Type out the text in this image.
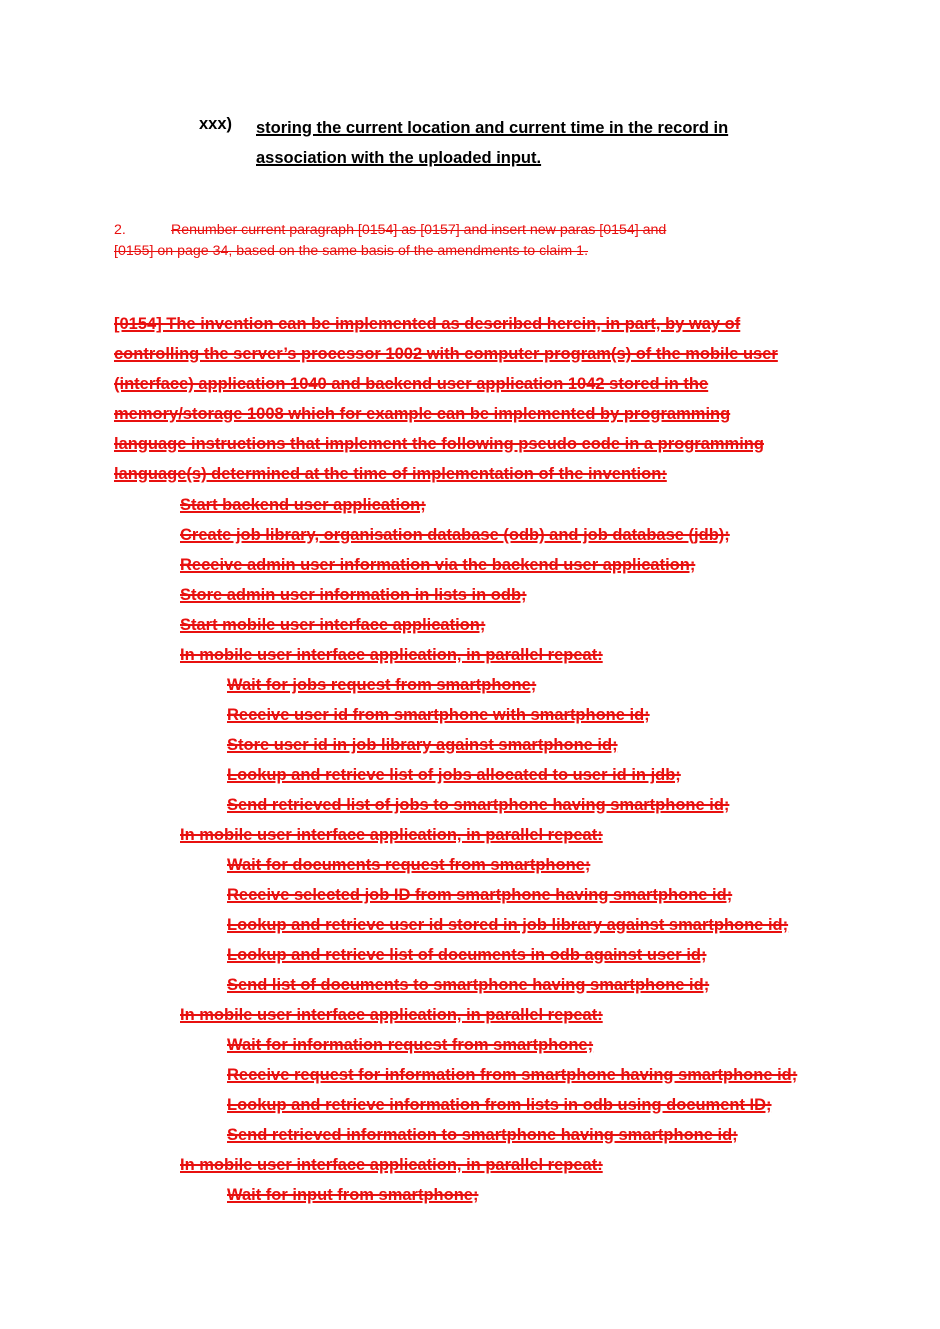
xxx) storing the current location and current time in the record in
association with the uploaded input.
2.	Renumber current paragraph [0154] as [0157] and insert new paras [0154] and
[0155] on page 34, based on the same basis of the amendments to claim 1.
[0154] The invention can be implemented as described herein, in part, by way of
controlling the server’s processor 1002 with computer program(s) of the mobile user
(interface) application 1040 and backend user application 1042 stored in the
memory/storage 1008 which for example can be implemented by programming
language instructions that implement the following pseudo code in a programming
language(s) determined at the time of implementation of the invention:
Start backend user application;
Create job library, organisation database (odb) and job database (jdb);
Receive admin user information via the backend user application;
Store admin user information in lists in odb;
Start mobile user interface application;
In mobile user interface application, in parallel repeat:
Wait for jobs request from smartphone;
Receive user id from smartphone with smartphone id;
Store user id in job library against smartphone id;
Lookup and retrieve list of jobs allocated to user id in jdb;
Send retrieved list of jobs to smartphone having smartphone id;
In mobile user interface application, in parallel repeat:
Wait for documents request from smartphone;
Receive selected job ID from smartphone having smartphone id;
Lookup and retrieve user id stored in job library against smartphone id;
Lookup and retrieve list of documents in odb against user id;
Send list of documents to smartphone having smartphone id;
In mobile user interface application, in parallel repeat:
Wait for information request from smartphone;
Receive request for information from smartphone having smartphone id;
Lookup and retrieve information from lists in odb using document ID;
Send retrieved information to smartphone having smartphone id;
In mobile user interface application, in parallel repeat:
Wait for input from smartphone;
